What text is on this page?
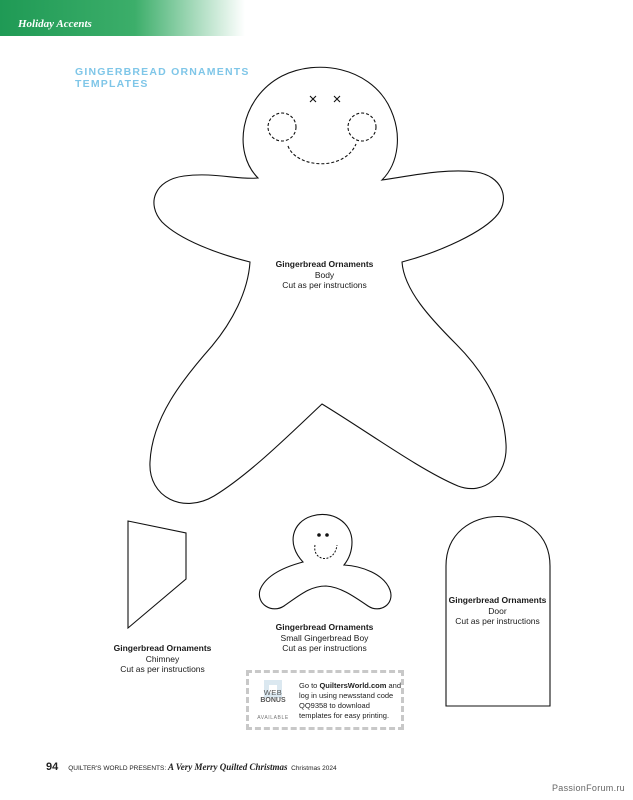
Holiday Accents
GINGERBREAD ORNAMENTS
TEMPLATES
Gingerbread Ornaments
Body
Cut as per instructions
Gingerbread Ornaments
Chimney
Cut as per instructions
Gingerbread Ornaments
Small Gingerbread Boy
Cut as per instructions
Gingerbread Ornaments
Door
Cut as per instructions
WEB
BONUS
AVAILABLE
Go to QuiltersWorld.com and log in using newsstand code QQ9358 to download templates for easy printing.
94 QUILTER'S WORLD PRESENTS: A Very Merry Quilted Christmas Christmas 2024
PassionForum.ru
